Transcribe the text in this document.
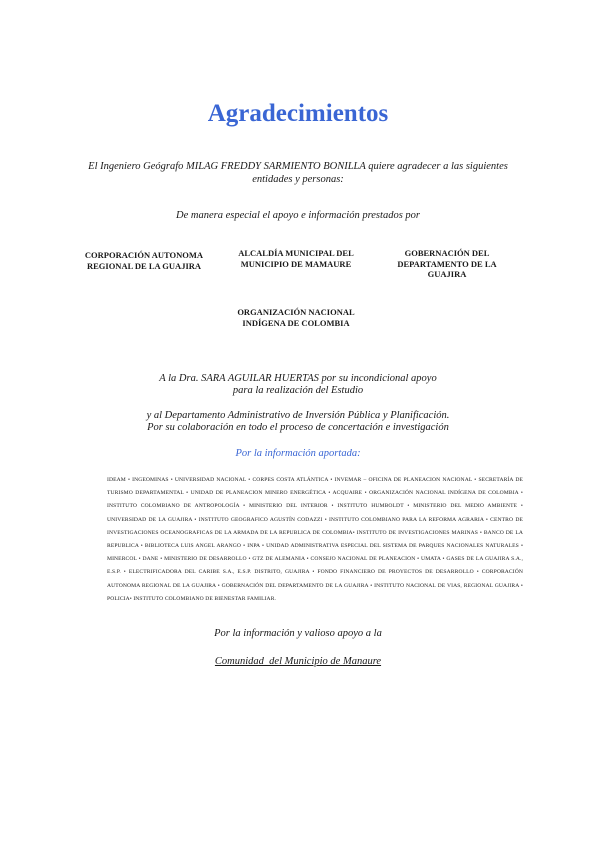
Agradecimientos
El Ingeniero Geógrafo MILAG FREDDY SARMIENTO BONILLA quiere agradecer a las siguientes
entidades y personas:
De manera especial el apoyo e información prestados por
CORPORACIÓN AUTONOMA
REGIONAL DE LA GUAJIRA
ALCALDÍA MUNICIPAL DEL
MUNICIPIO DE MAMAURE
GOBERNACIÓN DEL
DEPARTAMENTO DE LA
GUAJIRA
ORGANIZACIÓN NACIONAL
INDÍGENA DE COLOMBIA
A la Dra. SARA AGUILAR HUERTAS por su incondicional apoyo
para la realización del Estudio
y al Departamento Administrativo de Inversión Pública y Planificación.
Por su colaboración en todo el proceso de concertación e investigación
Por la información aportada:
IDEAM • INGEOMINAS • UNIVERSIDAD NACIONAL • CORPES COSTA ATLÁNTICA • INVEMAR – OFICINA DE PLANEACION NACIONAL • SECRETARÍA DE TURISMO DEPARTAMENTAL • UNIDAD DE PLANEACION MINERO ENERGÉTICA • ACQUAIRE • ORGANIZACIÓN NACIONAL INDÍGENA DE COLOMBIA • INSTITUTO COLOMBIANO DE ANTROPOLOGÍA • MINISTERIO DEL INTERIOR • INSTITUTO HUMBOLDT • MINISTERIO DEL MEDIO AMBIENTE • UNIVERSIDAD DE LA GUAJIRA • INSTITUTO GEOGRAFICO AGUSTÍN CODAZZI • INSTITUTO COLOMBIANO PARA LA REFORMA AGRARIA • CENTRO DE INVESTIGACIONES OCEANOGRAFICAS DE LA ARMADA DE LA REPUBLICA DE COLOMBIA• INSTITUTO DE INVESTIGACIONES MARINAS • BANCO DE LA REPUBLICA • BIBLIOTECA LUIS ANGEL ARANGO • INPA • UNIDAD ADMINISTRATIVA ESPECIAL DEL SISTEMA DE PARQUES NACIONALES NATURALES • MINERCOL • DANE • MINISTERIO DE DESARROLLO • GTZ DE ALEMANIA • CONSEJO NACIONAL DE PLANEACION • UMATA • GASES DE LA GUAJIRA S.A., E.S.P. • ELECTRIFICADORA DEL CARIBE S.A., E.S.P. DISTRITO, GUAJIRA • FONDO FINANCIERO DE PROYECTOS DE DESARROLLO • CORPORACIÓN AUTONOMA REGIONAL DE LA GUAJIRA • GOBERNACIÓN DEL DEPARTAMENTO DE LA GUAJIRA • INSTITUTO NACIONAL DE VIAS, REGIONAL GUAJIRA • POLICIA• INSTITUTO COLOMBIANO DE BIENESTAR FAMILIAR.
Por la información y valioso apoyo a la
Comunidad  del Municipio de Manaure
